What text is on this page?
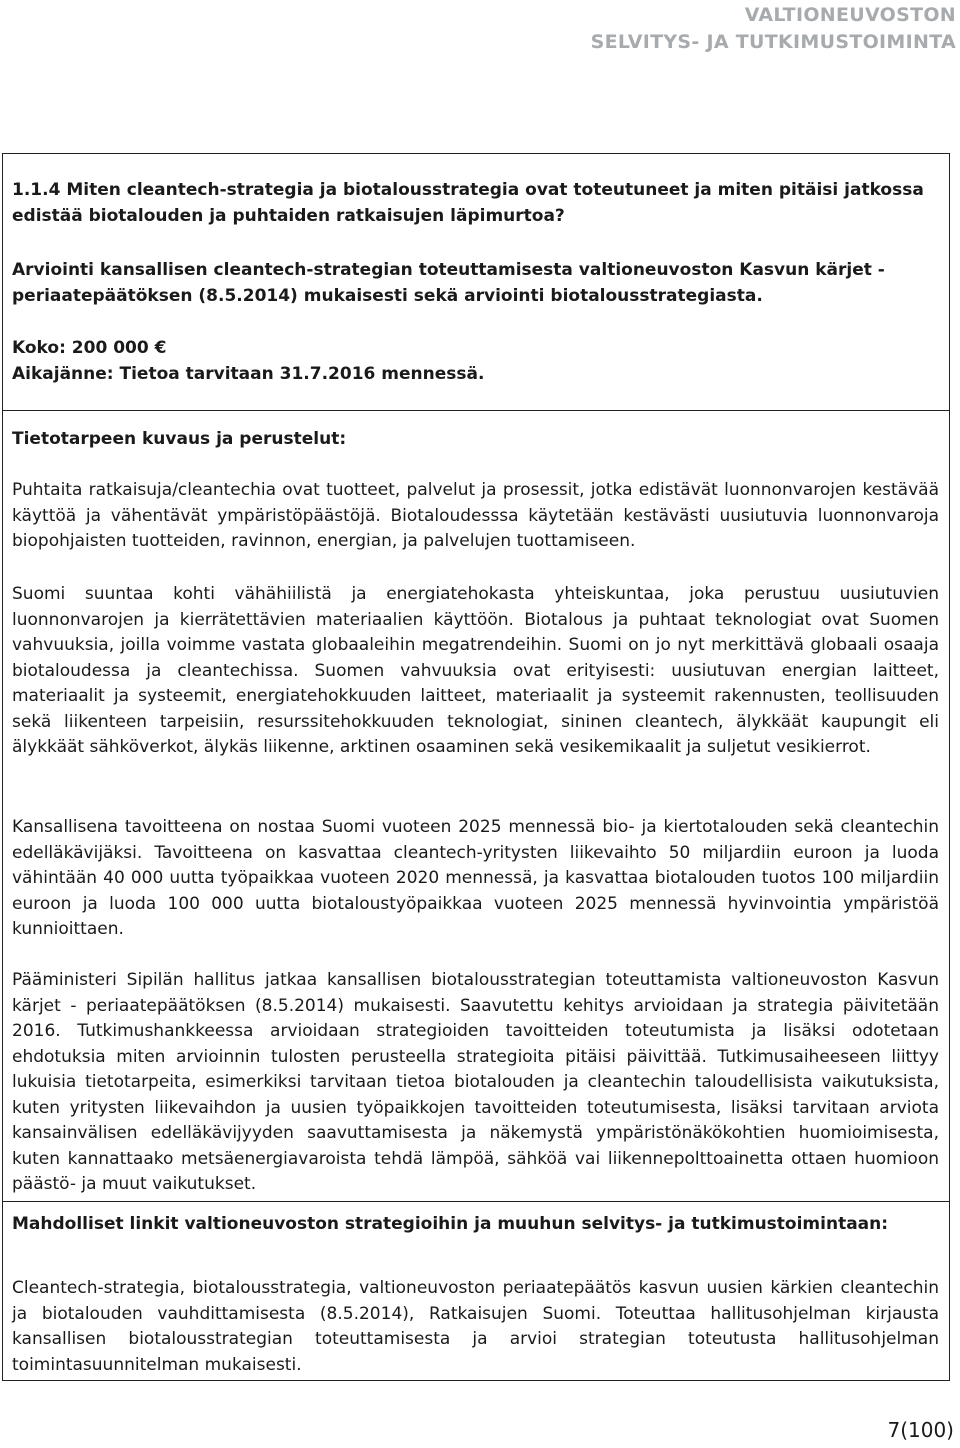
VALTIONEUVOSTON
SELVITYS- JA TUTKIMUSTOIMINTA
1.1.4 Miten cleantech-strategia ja biotalousstrategia ovat toteutuneet ja miten pitäisi jatkossa edistää biotalouden ja puhtaiden ratkaisujen läpimurtoa?
Arviointi kansallisen cleantech-strategian toteuttamisesta valtioneuvoston Kasvun kärjet -periaatepäätöksen (8.5.2014) mukaisesti sekä arviointi biotalousstrategiasta.
Koko: 200 000 €
Aikajänne: Tietoa tarvitaan 31.7.2016 mennessä.
Tietotarpeen kuvaus ja perustelut:

Puhtaita ratkaisuja/cleantechia ovat tuotteet, palvelut ja prosessit, jotka edistävät luonnonvarojen kestävää käyttöä ja vähentävät ympäristöpäästöjä. Biotaloudesssa käytetään kestävästi uusiutuvia luonnonvaroja biopohjaisten tuotteiden, ravinnon, energian, ja palvelujen tuottamiseen.

Suomi suuntaa kohti vähähiilistä ja energiatehokasta yhteiskuntaa, joka perustuu uusiutuvien luonnonvarojen ja kierrätettävien materiaalien käyttöön. Biotalous ja puhtaat teknologiat ovat Suomen vahvuuksia, joilla voimme vastata globaaleihin megatrendeihin. Suomi on jo nyt merkittävä globaali osaaja biotaloudessa ja cleantechissa. Suomen vahvuuksia ovat erityisesti: uusiutuvan energian laitteet, materiaalit ja systeemit, energiatehokkuuden laitteet, materiaalit ja systeemit rakennusten, teollisuuden sekä liikenteen tarpeisiin, resurssitehokkuuden teknologiat, sininen cleantech, älykkäät kaupungit eli älykkäät sähköverkot, älykäs liikenne, arktinen osaaminen sekä vesikemikaalit ja suljetut vesikierrot.

Kansallisena tavoitteena on nostaa Suomi vuoteen 2025 mennessä bio- ja kiertotalouden sekä cleantechin edelläkävijäksi. Tavoitteena on kasvattaa cleantech-yritysten liikevaihto 50 miljardiin euroon ja luoda vähintään 40 000 uutta työpaikkaa vuoteen 2020 mennessä, ja kasvattaa biotalouden tuotos 100 miljardiin euroon ja luoda 100 000 uutta biotaloustyöpaikkaa vuoteen 2025 mennessä hyvinvointia ympäristöä kunnioittaen.

Pääministeri Sipilän hallitus jatkaa kansallisen biotalousstrategian toteuttamista valtioneuvoston Kasvun kärjet - periaatepäätöksen (8.5.2014) mukaisesti. Saavutettu kehitys arvioidaan ja strategia päivitetään 2016. Tutkimushankkeessa arvioidaan strategioiden tavoitteiden toteutumista ja lisäksi odotetaan ehdotuksia miten arvioinnin tulosten perusteella strategioita pitäisi päivittää. Tutkimusaiheeseen liittyy lukuisia tietotarpeita, esimerkiksi tarvitaan tietoa biotalouden ja cleantechin taloudellisista vaikutuksista, kuten yritysten liikevaihdon ja uusien työpaikkojen tavoitteiden toteutumisesta, lisäksi tarvitaan arviota kansainvälisen edelläkävijyyden saavuttamisesta ja näkemystä ympäristönäkökohtien huomioimisesta, kuten kannattaako metsäenergiavaroista tehdä lämpöä, sähköä vai liikennepolttoainetta ottaen huomioon päästö- ja muut vaikutukset.

Mahdolliset linkit valtioneuvoston strategioihin ja muuhun selvitys- ja tutkimustoimintaan:

Cleantech-strategia, biotalousstrategia, valtioneuvoston periaatepäätös kasvun uusien kärkien cleantechin ja biotalouden vauhdittamisesta (8.5.2014), Ratkaisujen Suomi. Toteuttaa hallitusohjelman kirjausta kansallisen biotalousstrategian toteuttamisesta ja arvioi strategian toteutusta hallitusohjelman toimintasuunnitelman mukaisesti.

7(100)
